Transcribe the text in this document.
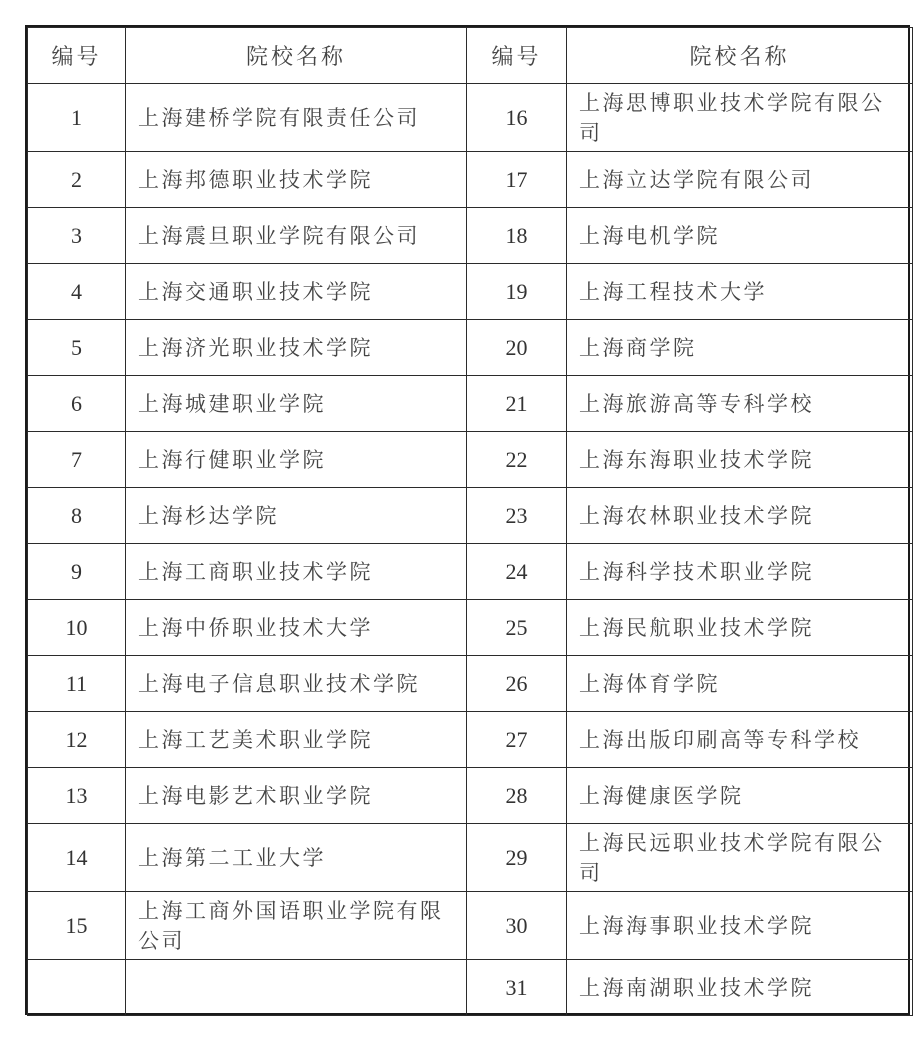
编号	院校名称	编号	院校名称
1	上海建桥学院有限责任公司	16	上海思博职业技术学院有限公司
2	上海邦德职业技术学院	17	上海立达学院有限公司
3	上海震旦职业学院有限公司	18	上海电机学院
4	上海交通职业技术学院	19	上海工程技术大学
5	上海济光职业技术学院	20	上海商学院
6	上海城建职业学院	21	上海旅游高等专科学校
7	上海行健职业学院	22	上海东海职业技术学院
8	上海杉达学院	23	上海农林职业技术学院
9	上海工商职业技术学院	24	上海科学技术职业学院
10	上海中侨职业技术大学	25	上海民航职业技术学院
11	上海电子信息职业技术学院	26	上海体育学院
12	上海工艺美术职业学院	27	上海出版印刷高等专科学校
13	上海电影艺术职业学院	28	上海健康医学院
14	上海第二工业大学	29	上海民远职业技术学院有限公司
15	上海工商外国语职业学院有限公司	30	上海海事职业技术学院
		31	上海南湖职业技术学院
